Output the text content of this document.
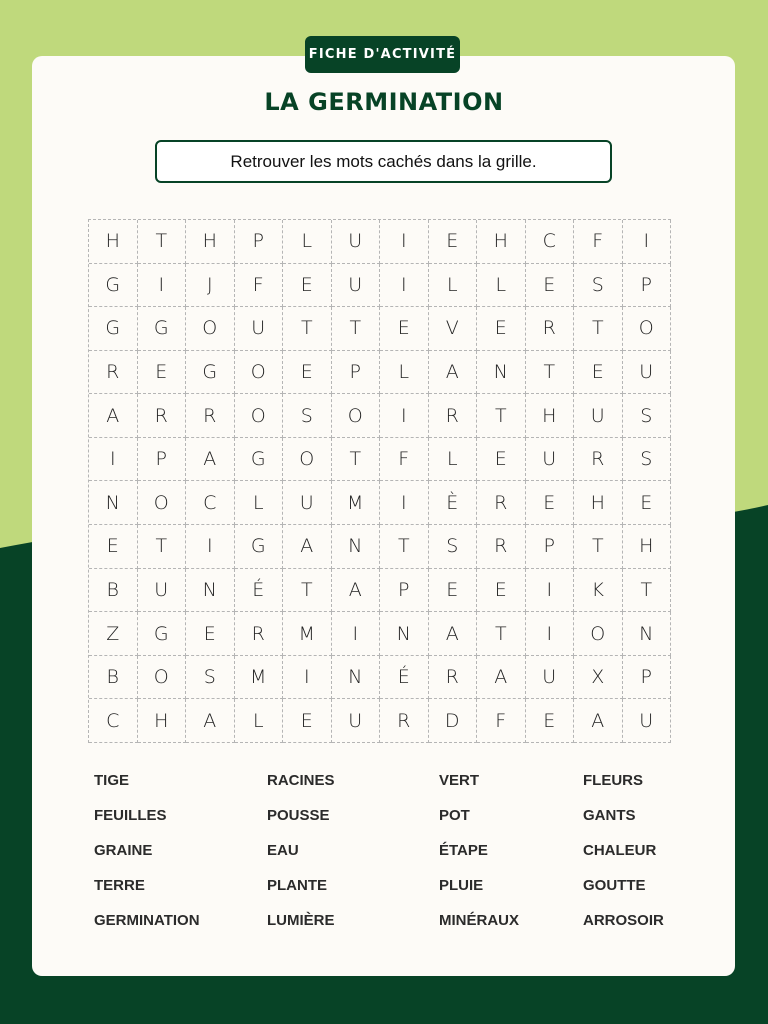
FICHE D'ACTIVITÉ
LA GERMINATION
Retrouver les mots cachés dans la grille.
H	T	H	P	L	U	I	E	H	C	F	I
G	I	J	F	E	U	I	L	L	E	S	P
G	G	O	U	T	T	E	V	E	R	T	O
R	E	G	O	E	P	L	A	N	T	E	U
A	R	R	O	S	O	I	R	T	H	U	S
I	P	A	G	O	T	F	L	E	U	R	S
N	O	C	L	U	M	I	È	R	E	H	E
E	T	I	G	A	N	T	S	R	P	T	H
B	U	N	É	T	A	P	E	E	I	K	T
Z	G	E	R	M	I	N	A	T	I	O	N
B	O	S	M	I	N	É	R	A	U	X	P
C	H	A	L	E	U	R	D	F	E	A	U
TIGE
FEUILLES
GRAINE
TERRE
GERMINATION
RACINES
POUSSE
EAU
PLANTE
LUMIÈRE
VERT
POT
ÉTAPE
PLUIE
MINÉRAUX
FLEURS
GANTS
CHALEUR
GOUTTE
ARROSOIR
